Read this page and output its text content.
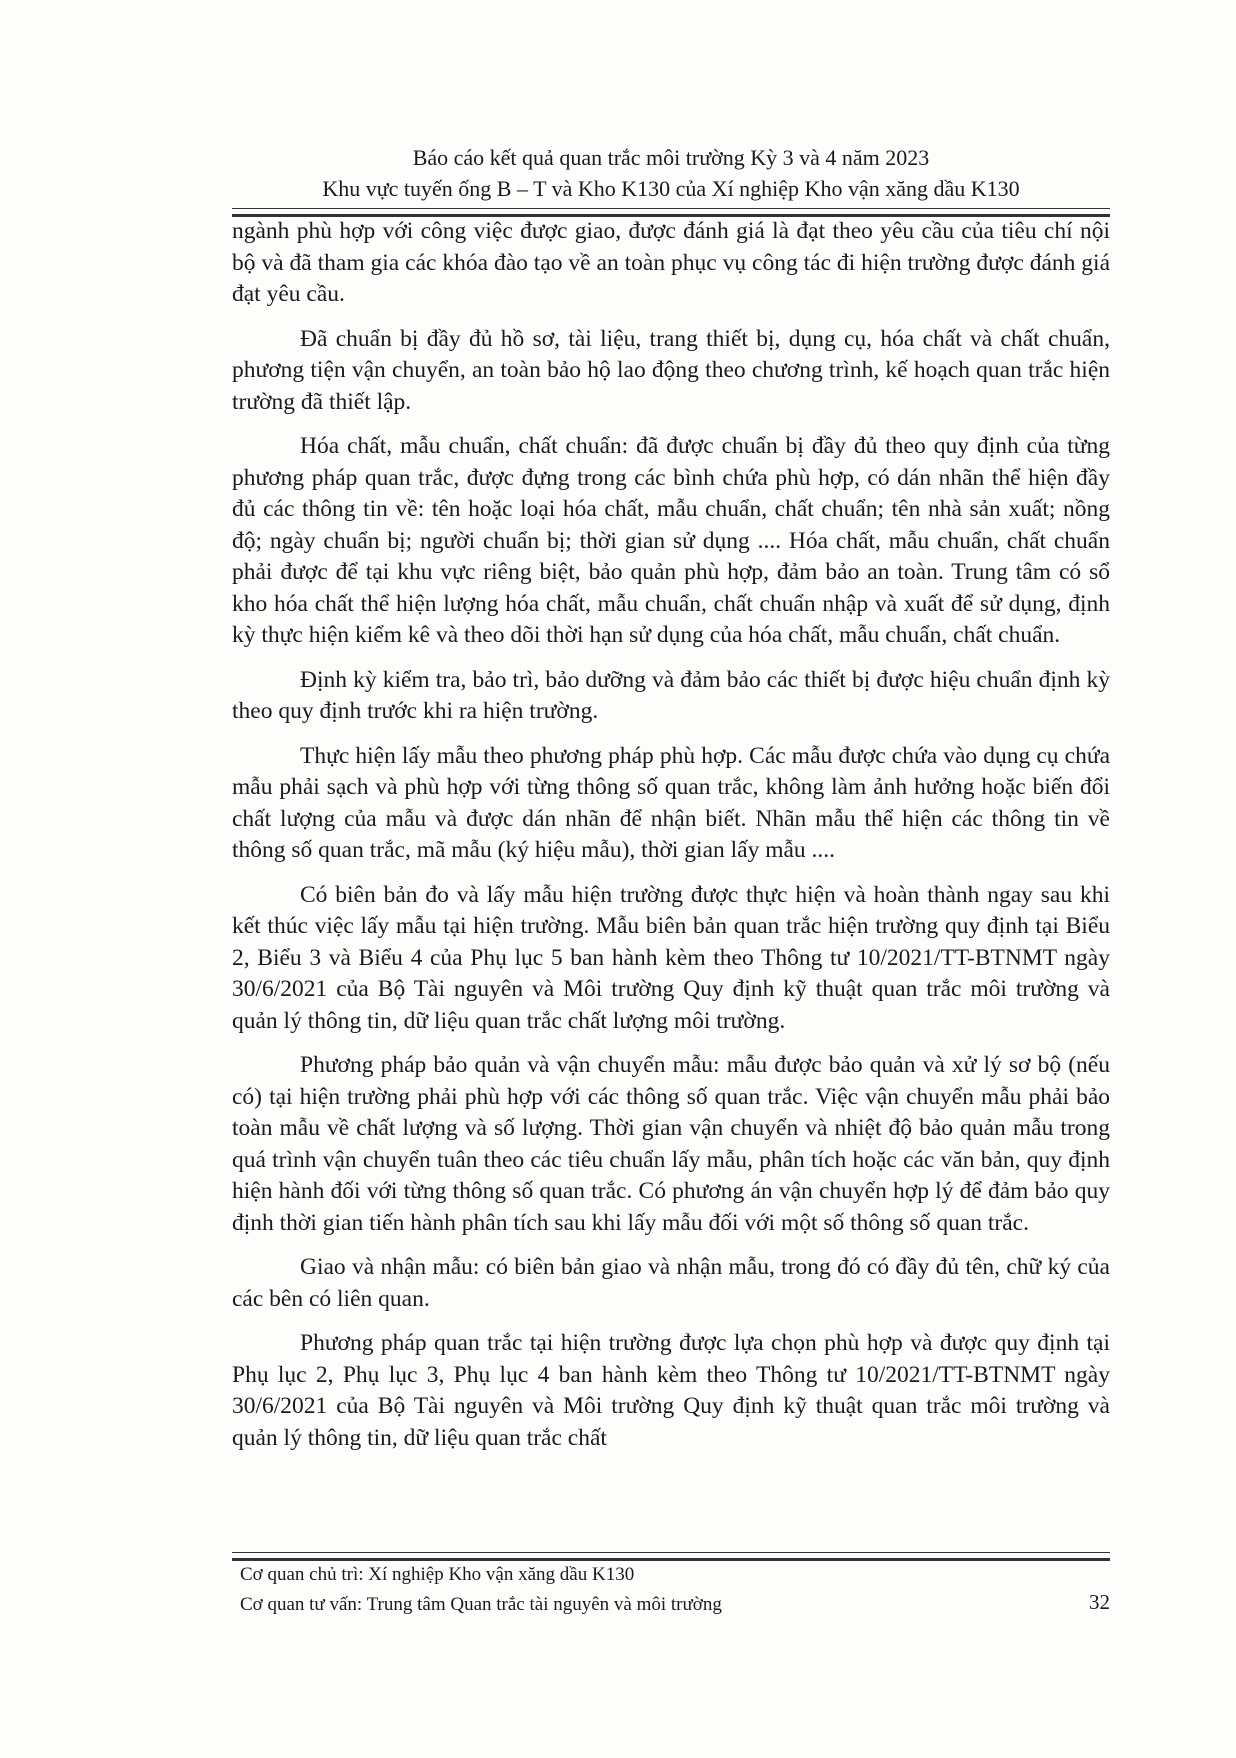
Báo cáo kết quả quan trắc môi trường Kỳ 3 và 4 năm 2023
Khu vực tuyến ống B – T và Kho K130 của Xí nghiệp Kho vận xăng dầu K130

ngành phù hợp với công việc được giao, được đánh giá là đạt theo yêu cầu của tiêu chí nội bộ và đã tham gia các khóa đào tạo về an toàn phục vụ công tác đi hiện trường được đánh giá đạt yêu cầu.

Đã chuẩn bị đầy đủ hồ sơ, tài liệu, trang thiết bị, dụng cụ, hóa chất và chất chuẩn, phương tiện vận chuyển, an toàn bảo hộ lao động theo chương trình, kế hoạch quan trắc hiện trường đã thiết lập.

Hóa chất, mẫu chuẩn, chất chuẩn: đã được chuẩn bị đầy đủ theo quy định của từng phương pháp quan trắc, được đựng trong các bình chứa phù hợp, có dán nhãn thể hiện đầy đủ các thông tin về: tên hoặc loại hóa chất, mẫu chuẩn, chất chuẩn; tên nhà sản xuất; nồng độ; ngày chuẩn bị; người chuẩn bị; thời gian sử dụng .... Hóa chất, mẫu chuẩn, chất chuẩn phải được để tại khu vực riêng biệt, bảo quản phù hợp, đảm bảo an toàn. Trung tâm có sổ kho hóa chất thể hiện lượng hóa chất, mẫu chuẩn, chất chuẩn nhập và xuất để sử dụng, định kỳ thực hiện kiểm kê và theo dõi thời hạn sử dụng của hóa chất, mẫu chuẩn, chất chuẩn.

Định kỳ kiểm tra, bảo trì, bảo dưỡng và đảm bảo các thiết bị được hiệu chuẩn định kỳ theo quy định trước khi ra hiện trường.

Thực hiện lấy mẫu theo phương pháp phù hợp. Các mẫu được chứa vào dụng cụ chứa mẫu phải sạch và phù hợp với từng thông số quan trắc, không làm ảnh hưởng hoặc biến đổi chất lượng của mẫu và được dán nhãn để nhận biết. Nhãn mẫu thể hiện các thông tin về thông số quan trắc, mã mẫu (ký hiệu mẫu), thời gian lấy mẫu ....

Có biên bản đo và lấy mẫu hiện trường được thực hiện và hoàn thành ngay sau khi kết thúc việc lấy mẫu tại hiện trường. Mẫu biên bản quan trắc hiện trường quy định tại Biểu 2, Biểu 3 và Biểu 4 của Phụ lục 5 ban hành kèm theo Thông tư 10/2021/TT-BTNMT ngày 30/6/2021 của Bộ Tài nguyên và Môi trường Quy định kỹ thuật quan trắc môi trường và quản lý thông tin, dữ liệu quan trắc chất lượng môi trường.

Phương pháp bảo quản và vận chuyển mẫu: mẫu được bảo quản và xử lý sơ bộ (nếu có) tại hiện trường phải phù hợp với các thông số quan trắc. Việc vận chuyển mẫu phải bảo toàn mẫu về chất lượng và số lượng. Thời gian vận chuyển và nhiệt độ bảo quản mẫu trong quá trình vận chuyển tuân theo các tiêu chuẩn lấy mẫu, phân tích hoặc các văn bản, quy định hiện hành đối với từng thông số quan trắc. Có phương án vận chuyển hợp lý để đảm bảo quy định thời gian tiến hành phân tích sau khi lấy mẫu đối với một số thông số quan trắc.

Giao và nhận mẫu: có biên bản giao và nhận mẫu, trong đó có đầy đủ tên, chữ ký của các bên có liên quan.

Phương pháp quan trắc tại hiện trường được lựa chọn phù hợp và được quy định tại Phụ lục 2, Phụ lục 3, Phụ lục 4 ban hành kèm theo Thông tư 10/2021/TT-BTNMT ngày 30/6/2021 của Bộ Tài nguyên và Môi trường Quy định kỹ thuật quan trắc môi trường và quản lý thông tin, dữ liệu quan trắc chất

Cơ quan chủ trì: Xí nghiệp Kho vận xăng dầu K130
Cơ quan tư vấn: Trung tâm Quan trắc tài nguyên và môi trường	32
